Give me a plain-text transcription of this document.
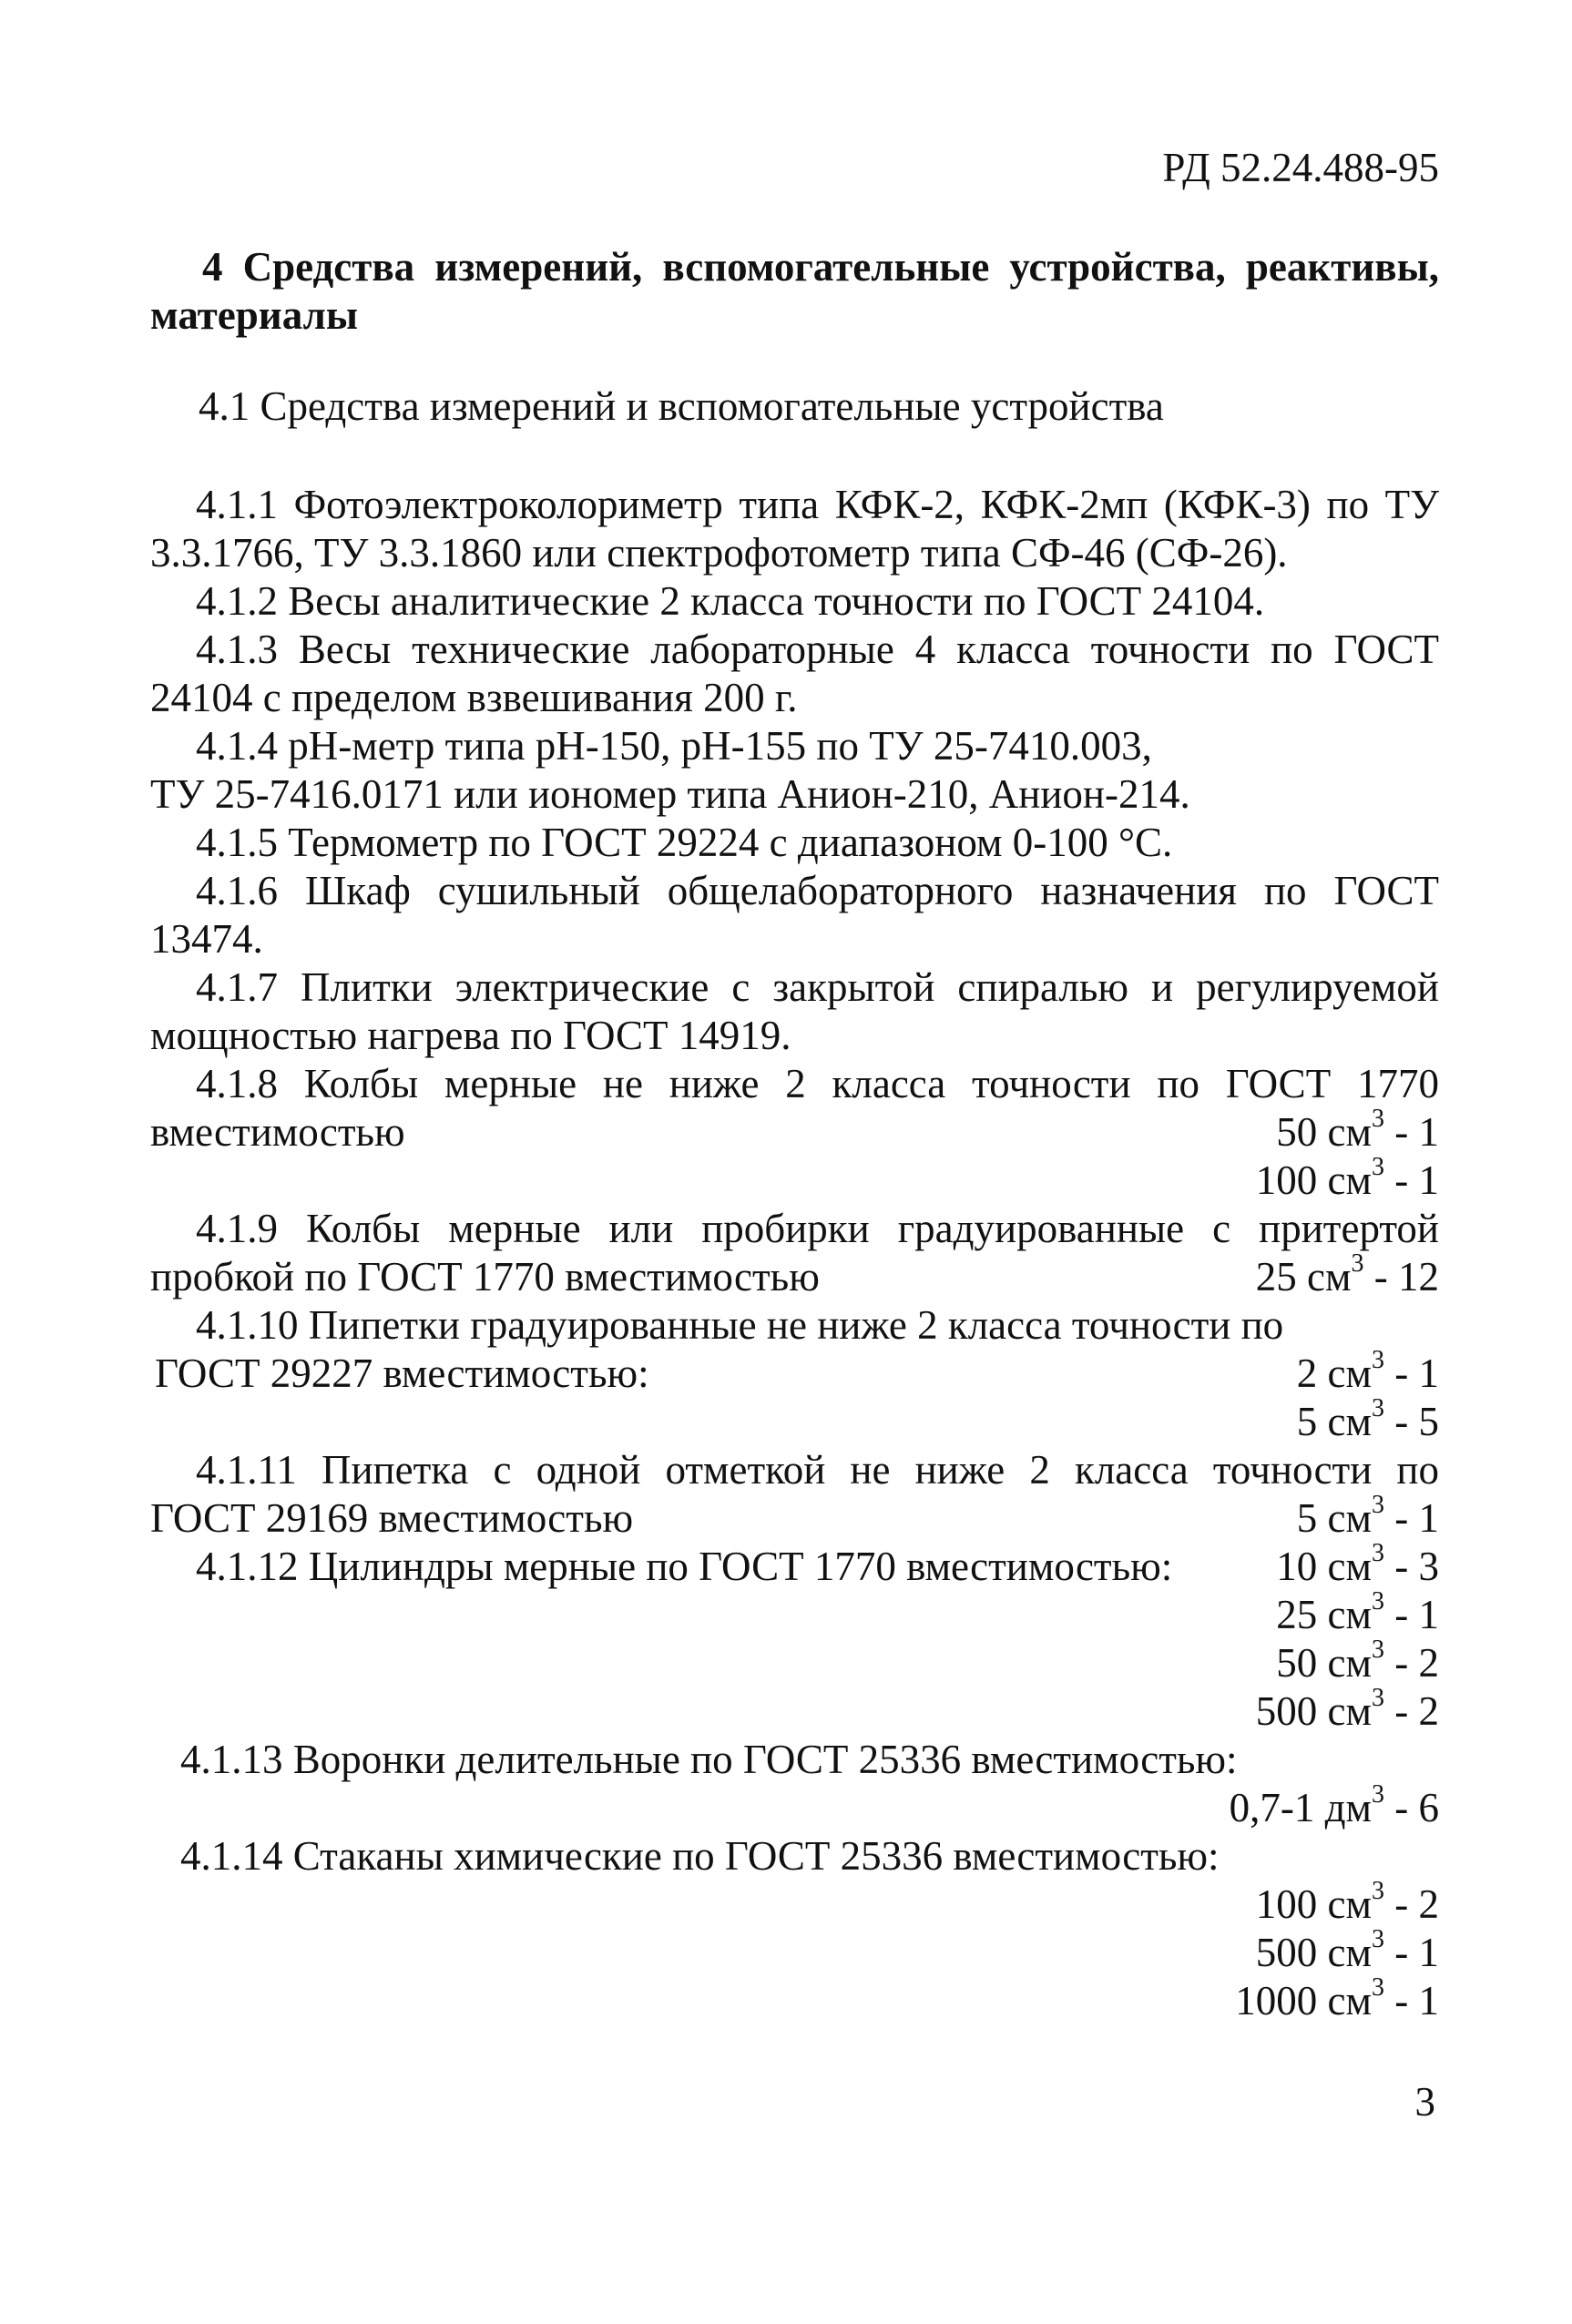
РД 52.24.488-95
4 Средства измерений, вспомогательные устройства, реактивы,
материалы
4.1 Средства измерений и вспомогательные устройства
4.1.1 Фотоэлектроколориметр типа КФК-2, КФК-2мп (КФК-3) по ТУ
3.3.1766, ТУ 3.3.1860 или спектрофотометр типа СФ-46 (СФ-26).
4.1.2 Весы аналитические 2 класса точности по ГОСТ 24104.
4.1.3 Весы технические лабораторные 4 класса точности по ГОСТ
24104 с пределом взвешивания 200 г.
4.1.4 pH-метр типа pH-150, pH-155 по ТУ 25-7410.003,
ТУ 25-7416.0171 или иономер типа Анион-210, Анион-214.
4.1.5 Термометр по ГОСТ 29224 с диапазоном 0-100 °С.
4.1.6 Шкаф сушильный общелабораторного назначения по ГОСТ
13474.
4.1.7 Плитки электрические с закрытой спиралью и регулируемой
мощностью нагрева по ГОСТ 14919.
4.1.8 Колбы мерные не ниже 2 класса точности по ГОСТ 1770
вместимостью	50 $см^3 - 1$
100 $см^3 - 1$
4.1.9 Колбы мерные или пробирки градуированные с притертой
пробкой по ГОСТ 1770 вместимостью	25 $см^3 - 12$
4.1.10 Пипетки градуированные не ниже 2 класса точности по
ГОСТ 29227 вместимостью:	2 $см^3 - 1$
5 $см^3 - 5$
4.1.11 Пипетка с одной отметкой не ниже 2 класса точности по
ГОСТ 29169 вместимостью	5 $см^3 - 1$
4.1.12 Цилиндры мерные по ГОСТ 1770 вместимостью:	10 $см^3 - 3$
25 $см^3 - 1$
50 $см^3 - 2$
500 $см^3 - 2$
4.1.13 Воронки делительные по ГОСТ 25336 вместимостью:
0,7-1 $дм^3 - 6$
4.1.14 Стаканы химические по ГОСТ 25336 вместимостью:
100 $см^3 - 2$
500 $см^3 - 1$
1000 $см^3 - 1$
3
